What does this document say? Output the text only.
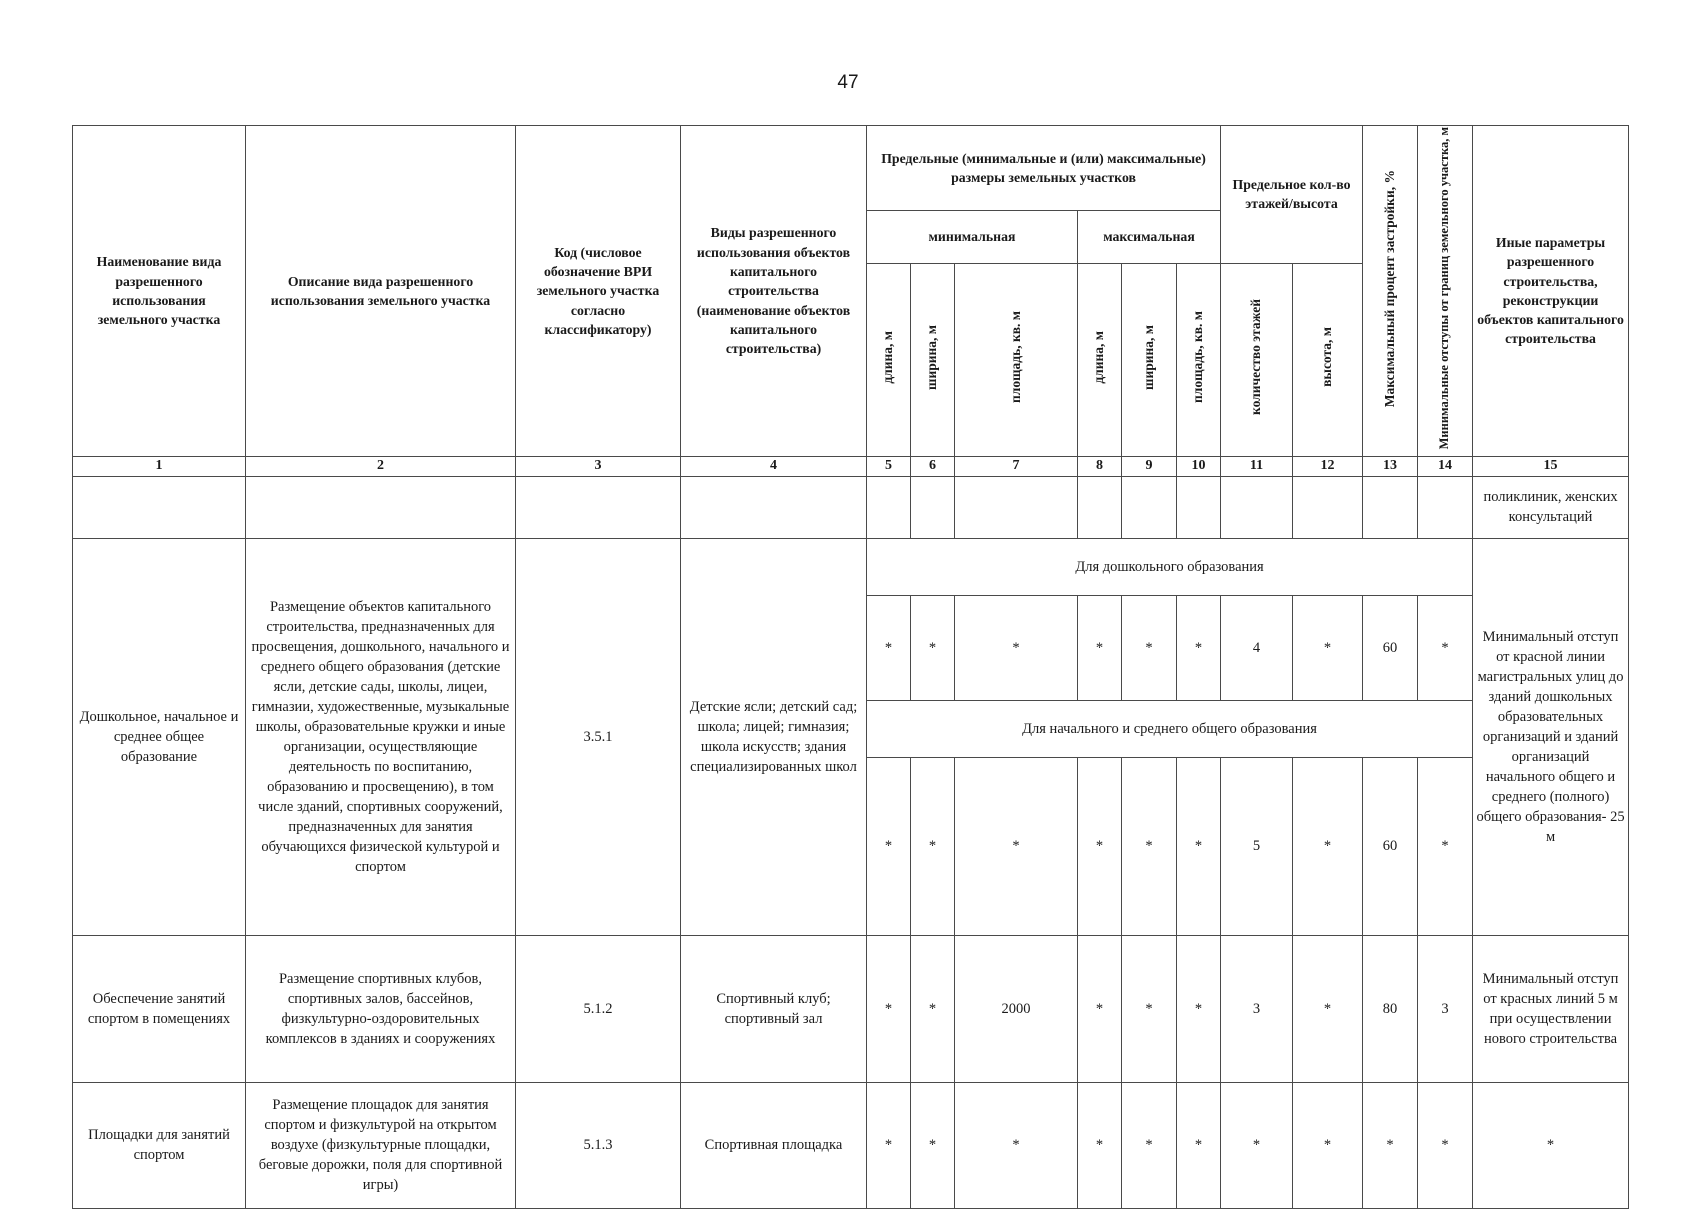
47
Наименование вида разрешенного использования земельного участка	Описание вида разрешенного использования земельного участка	Код (числовое обозначение ВРИ земельного участка согласно классификатору)	Виды разрешенного использования объектов капитального строительства (наименование объектов капитального строительства)	Предельные (минимальные и (или) максимальные) размеры земельных участков						Предельное кол-во этажей/высота		Максимальный процент застройки, %	Минимальные отступы от границ земельного участка, м	Иные параметры разрешенного строительства, реконструкции объектов капитального строительства
				минимальная			максимальная							
				длина, м	ширина, м	площадь, кв. м	длина, м	ширина, м	площадь, кв. м	количество этажей	высота, м			
1	2	3	4	5	6	7	8	9	10	11	12	13	14	15
														поликлиник, женских консультаций
Дошкольное, начальное и среднее общее образование	Размещение объектов капитального строительства, предназначенных для просвещения, дошкольного, начального и среднего общего образования (детские ясли, детские сады, школы, лицеи, гимназии, художественные, музыкальные школы, образовательные кружки и иные организации, осуществляющие деятельность по воспитанию, образованию и просвещению), в том числе зданий, спортивных сооружений, предназначенных для занятия обучающихся физической культурой и спортом	3.5.1	Детские ясли; детский сад; школа; лицей; гимназия; школа искусств; здания специализированных школ	Для дошкольного образования										Минимальный отступ от красной линии магистральных улиц до зданий дошкольных образовательных организаций и зданий организаций начального общего и среднего (полного) общего образования- 25 м
				*	*	*	*	*	*	4	*	60	*	
				Для начального и среднего общего образования										
				*	*	*	*	*	*	5	*	60	*	
Обеспечение занятий спортом в помещениях	Размещение спортивных клубов, спортивных залов, бассейнов, физкультурно-оздоровительных комплексов в зданиях и сооружениях	5.1.2	Спортивный клуб; спортивный зал	*	*	2000	*	*	*	3	*	80	3	Минимальный отступ от красных линий 5 м при осуществлении нового строительства
Площадки для занятий спортом	Размещение площадок для занятия спортом и физкультурой на открытом воздухе (физкультурные площадки, беговые дорожки, поля для спортивной игры)	5.1.3	Спортивная площадка	*	*	*	*	*	*	*	*	*	*	*
